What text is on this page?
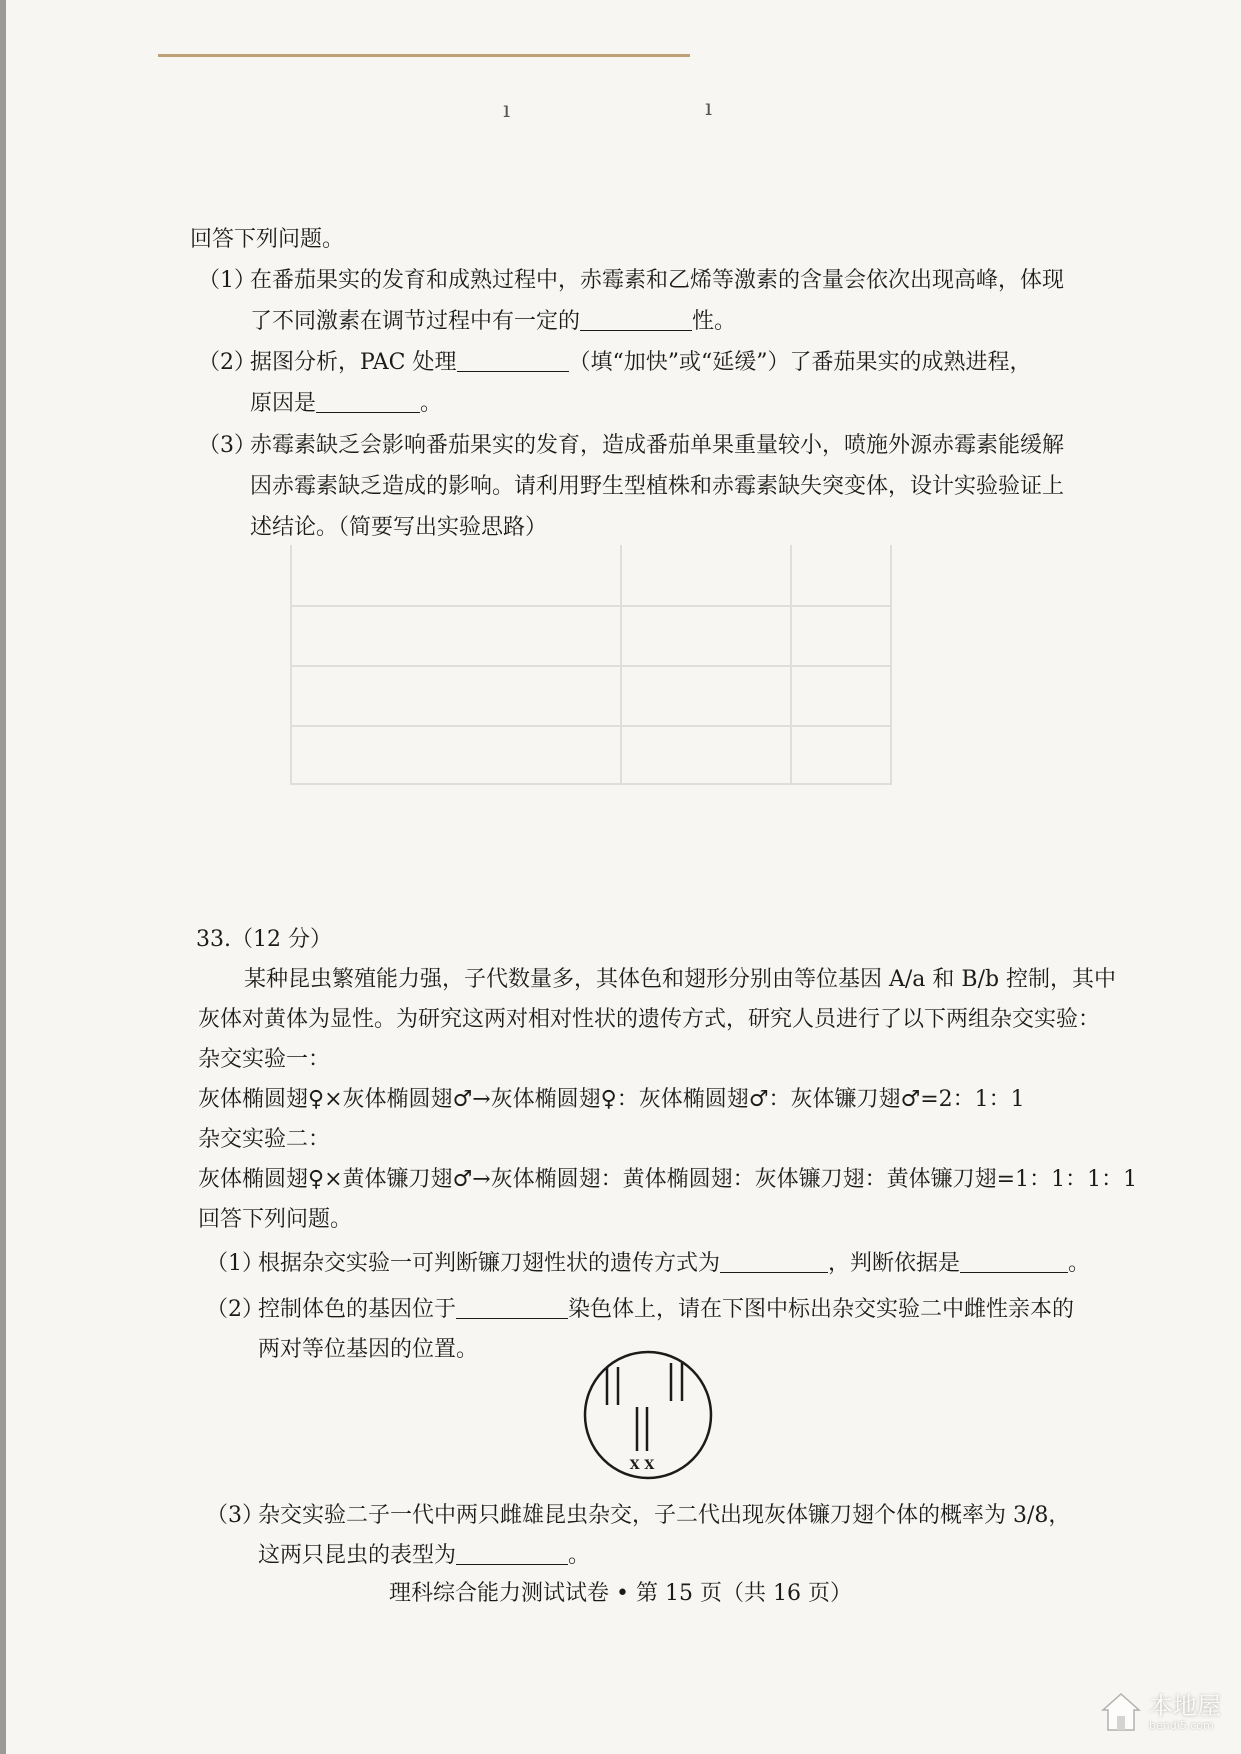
ı	ı
回答下列问题。
（1）在番茄果实的发育和成熟过程中，赤霉素和乙烯等激素的含量会依次出现高峰，体现
了不同激素在调节过程中有一定的	性。
（2）据图分析，PAC 处理	（填“加快”或“延缓”）了番茄果实的成熟进程，
原因是	。
（3）赤霉素缺乏会影响番茄果实的发育，造成番茄单果重量较小，喷施外源赤霉素能缓解
因赤霉素缺乏造成的影响。请利用野生型植株和赤霉素缺失突变体，设计实验验证上
述结论。（简要写出实验思路）
33.（12 分）
某种昆虫繁殖能力强，子代数量多，其体色和翅形分别由等位基因 A/a 和 B/b 控制，其中
灰体对黄体为显性。为研究这两对相对性状的遗传方式，研究人员进行了以下两组杂交实验：
杂交实验一：
灰体椭圆翅♀×灰体椭圆翅♂→灰体椭圆翅♀：灰体椭圆翅♂：灰体镰刀翅♂=2：1：1
杂交实验二：
灰体椭圆翅♀×黄体镰刀翅♂→灰体椭圆翅：黄体椭圆翅：灰体镰刀翅：黄体镰刀翅=1：1：1：1
回答下列问题。
（1）根据杂交实验一可判断镰刀翅性状的遗传方式为	，判断依据是	。
（2）控制体色的基因位于	染色体上，请在下图中标出杂交实验二中雌性亲本的
两对等位基因的位置。
X X
（3）杂交实验二子一代中两只雌雄昆虫杂交，子二代出现灰体镰刀翅个体的概率为 3/8，
这两只昆虫的表型为	。
理科综合能力测试试卷 • 第 15 页（共 16 页）
本地屋
bendi5.com
